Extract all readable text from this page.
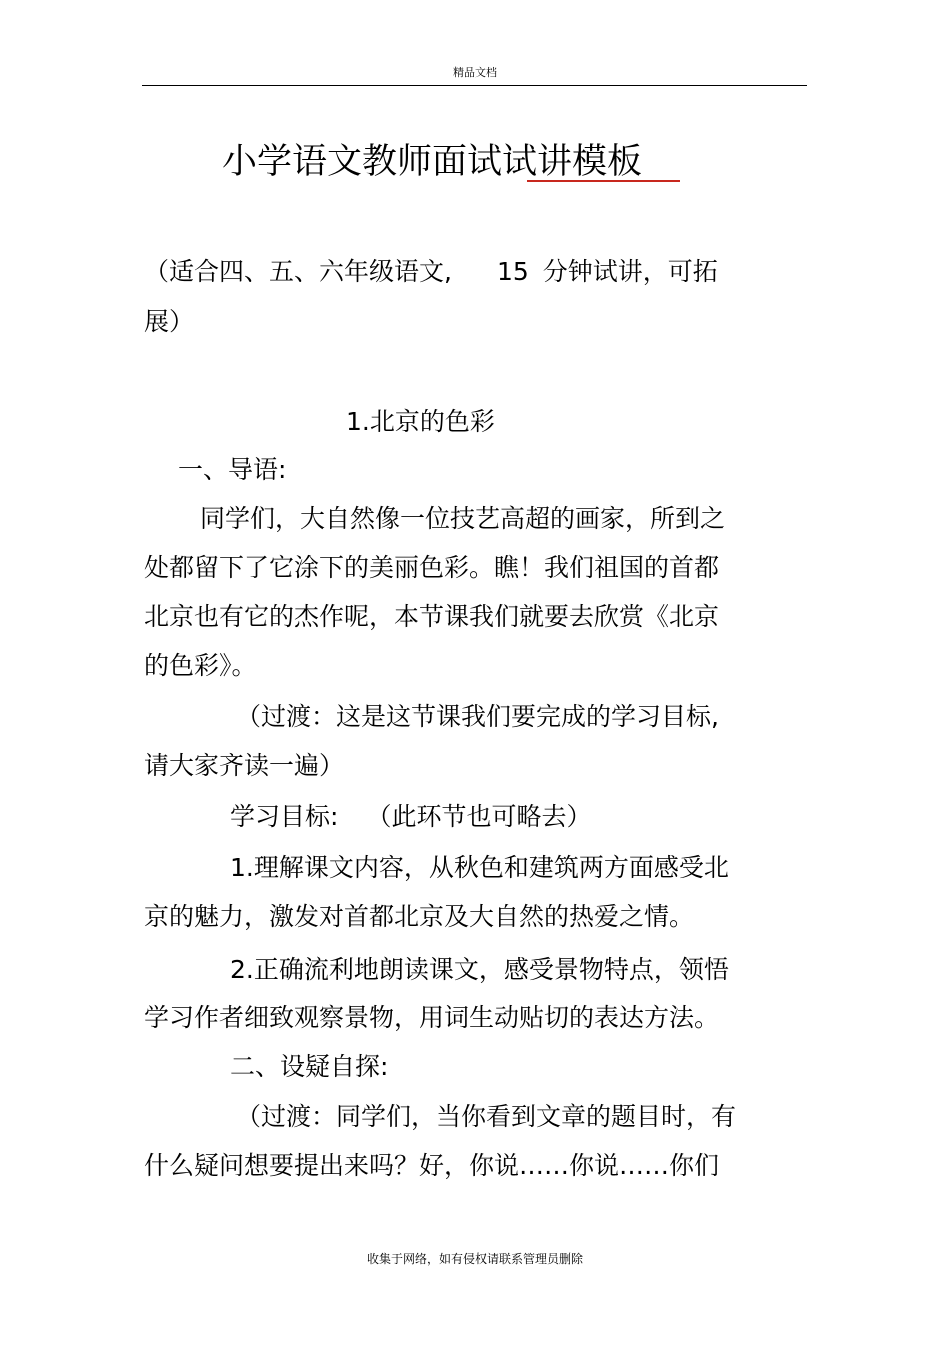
精品文档
小学语文教师面试试讲模板
（适合四、五、六年级语文, 15 分钟试讲，可拓
展）
1.北京的色彩
一、导语:
同学们，大自然像一位技艺高超的画家，所到之
处都留下了它涂下的美丽色彩。瞧！我们祖国的首都
北京也有它的杰作呢，本节课我们就要去欣赏《北京
的色彩》。
（过渡：这是这节课我们要完成的学习目标,
请大家齐读一遍）
学习目标: （此环节也可略去）
1.理解课文内容，从秋色和建筑两方面感受北
京的魅力，激发对首都北京及大自然的热爱之情。
2.正确流利地朗读课文，感受景物特点，领悟
学习作者细致观察景物，用词生动贴切的表达方法。
二、设疑自探:
（过渡：同学们，当你看到文章的题目时，有
什么疑问想要提出来吗？好，你说……你说……你们
收集于网络，如有侵权请联系管理员删除
